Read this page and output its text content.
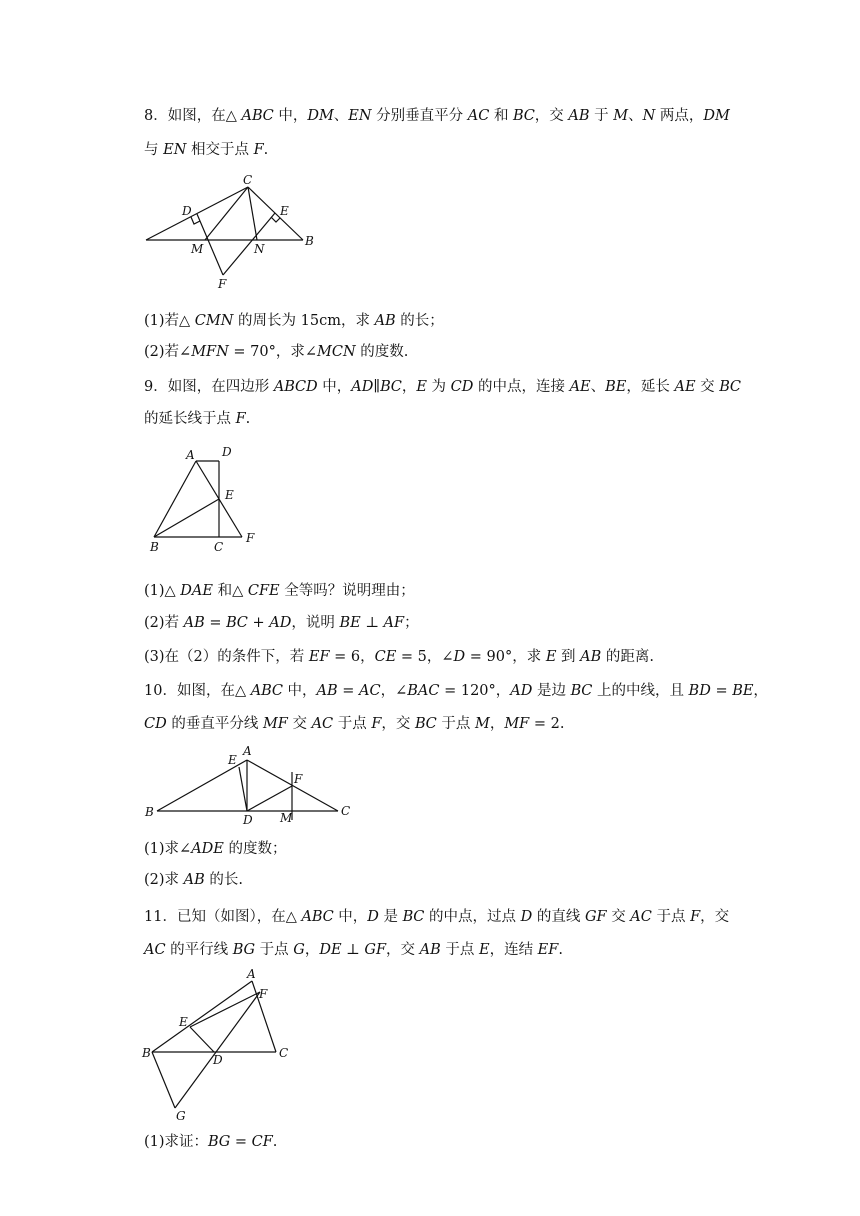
8．如图，在△ 𝐴𝐵𝐶 中，𝐷𝑀、𝐸𝑁 分别垂直平分 𝐴𝐶 和 𝐵𝐶，交 𝐴𝐵 于 𝑀、𝑁 两点，𝐷𝑀
与 𝐸𝑁 相交于点 𝐹.
C
D	E
B
M	N
F
(1)若△ 𝐶𝑀𝑁 的周长为 15cm，求 𝐴𝐵 的长；
(2)若∠𝑀𝐹𝑁 = 70°，求∠𝑀𝐶𝑁 的度数.
9．如图，在四边形 𝐴𝐵𝐶𝐷 中，𝐴𝐷∥𝐵𝐶，𝐸 为 𝐶𝐷 的中点，连接 𝐴𝐸、𝐵𝐸，延长 𝐴𝐸 交 𝐵𝐶
的延长线于点 𝐹.
A D
E
B	C
F
(1)△ 𝐷𝐴𝐸 和△ 𝐶𝐹𝐸 全等吗？说明理由；
(2)若 𝐴𝐵 = 𝐵𝐶 + 𝐴𝐷，说明 𝐵𝐸 ⊥ 𝐴𝐹；
(3)在（2）的条件下，若 𝐸𝐹 = 6，𝐶𝐸 = 5，∠𝐷 = 90°，求 𝐸 到 𝐴𝐵 的距离.
10．如图，在△ 𝐴𝐵𝐶 中，𝐴𝐵 = 𝐴𝐶，∠𝐵𝐴𝐶 = 120°，𝐴𝐷 是边 𝐵𝐶 上的中线，且 𝐵𝐷 = 𝐵𝐸，
𝐶𝐷 的垂直平分线 𝑀𝐹 交 𝐴𝐶 于点 𝐹，交 𝐵𝐶 于点 𝑀，𝑀𝐹 = 2.
A
E
F
B
D M	C
(1)求∠𝐴𝐷𝐸 的度数；
(2)求 𝐴𝐵 的长.
11．已知（如图），在△ 𝐴𝐵𝐶 中，𝐷 是 𝐵𝐶 的中点，过点 𝐷 的直线 𝐺𝐹 交 𝐴𝐶 于点 𝐹，交
𝐴𝐶 的平行线 𝐵𝐺 于点 𝐺，𝐷𝐸 ⊥ 𝐺𝐹，交 𝐴𝐵 于点 𝐸，连结 𝐸𝐹.
A
F
E
B	D	C
G
(1)求证：𝐵𝐺 = 𝐶𝐹.
